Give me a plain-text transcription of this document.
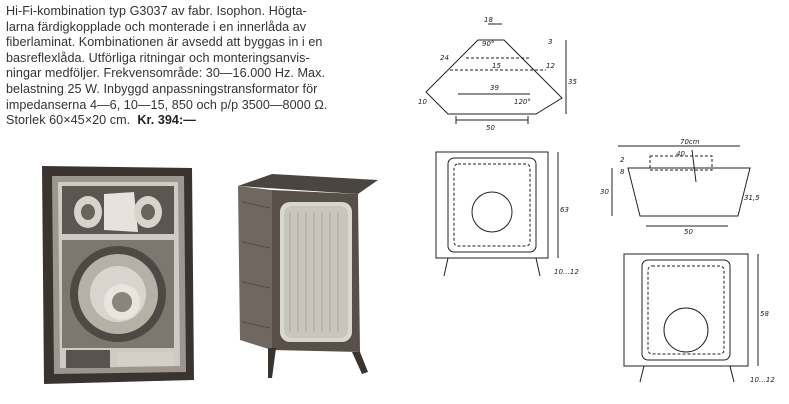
Hi-Fi-kombination typ G3037 av fabr. Isophon. Högta-
larna färdigkopplade och monterade i en innerlåda av
fiberlaminat. Kombinationen är avsedd att byggas in i en
basreflexlåda. Utförliga ritningar och monteringsanvis-
ningar medföljer. Frekvensområde: 30—16.000 Hz. Max.
belastning 25 W. Inbyggd anpassningstransformator för
impedanserna 4—6, 10—15, 850 och p/p 3500—8000 Ω.
Storlek 60×45×20 cm. Kr. 394:—
18
90°	3
24
15	12
35
39
10	120°
50
63
10…12
70cm
40
2
8
30
31,5
50
58
10…12
